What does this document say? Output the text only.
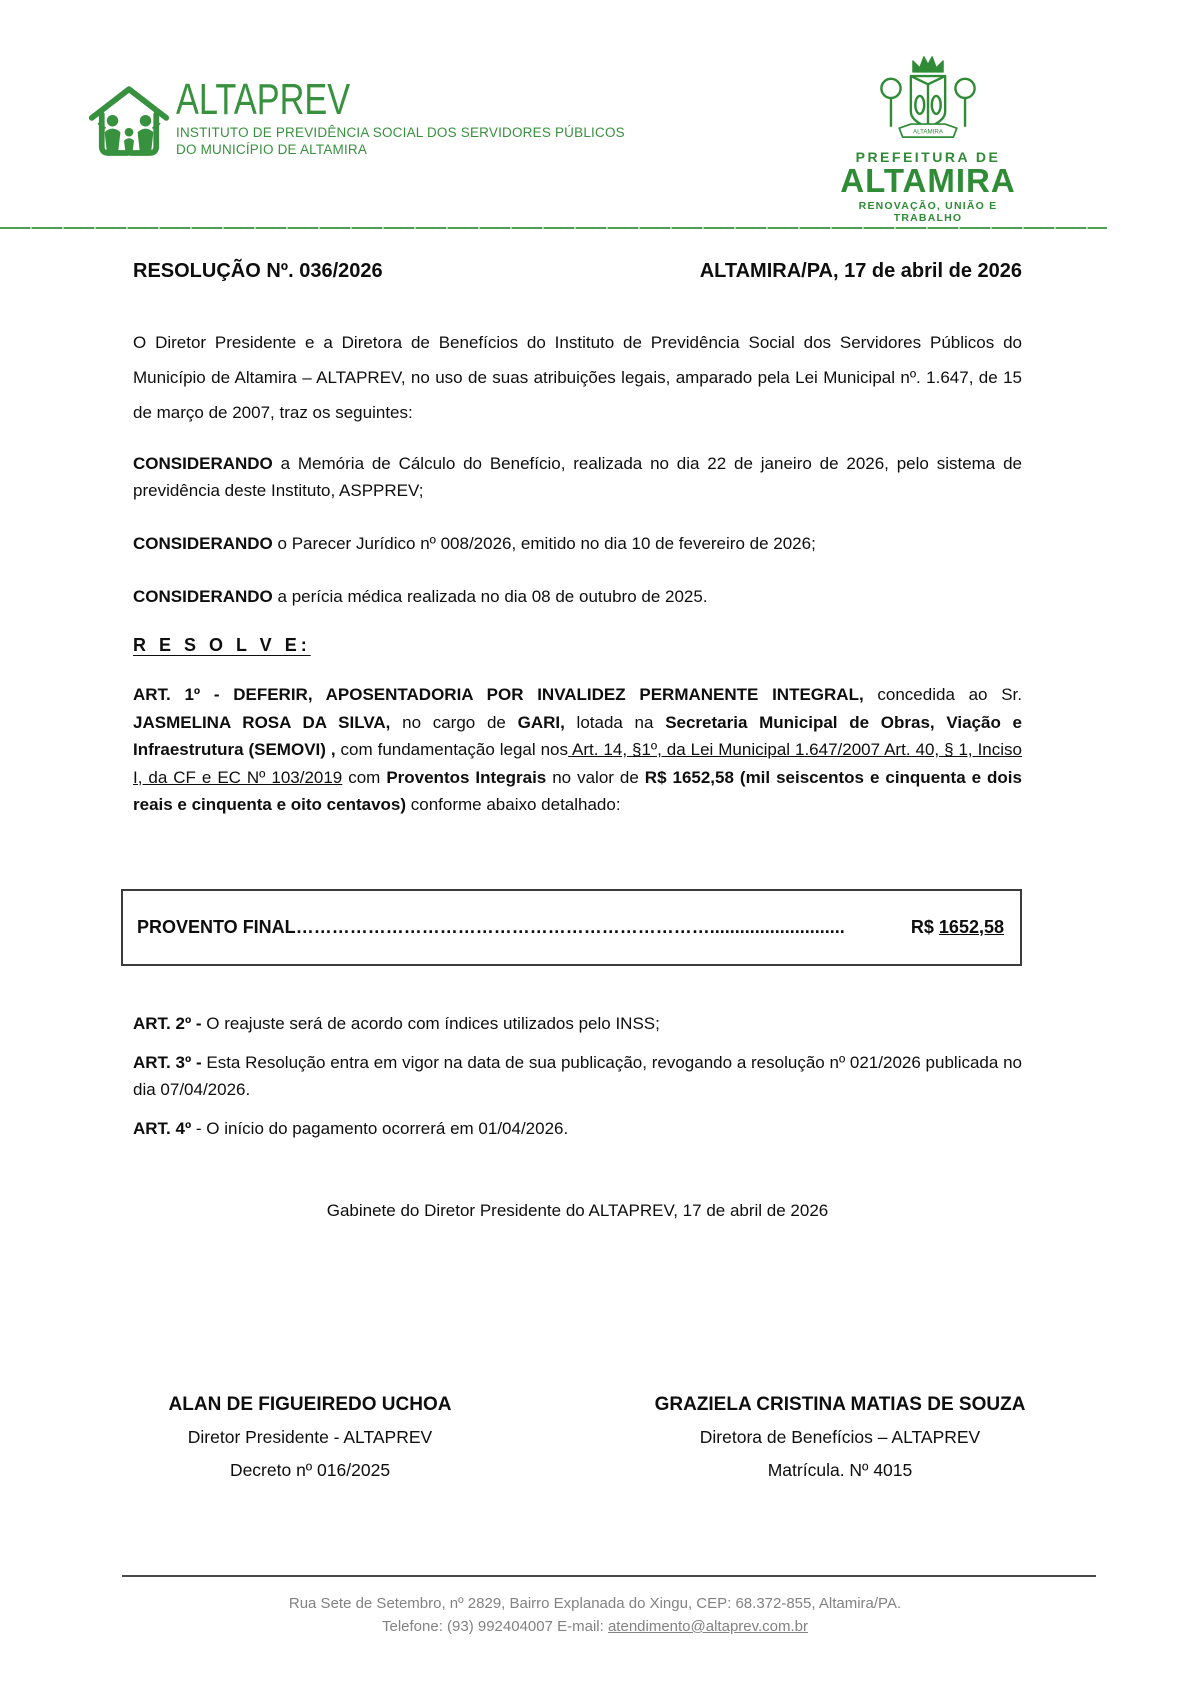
ALTAPREV
INSTITUTO DE PREVIDÊNCIA SOCIAL DOS SERVIDORES PÚBLICOS
DO MUNICÍPIO DE ALTAMIRA
ALTAMIRA
PREFEITURA DE
ALTAMIRA
RENOVAÇÃO, UNIÃO E TRABALHO
RESOLUÇÃO Nº. 036/2026	ALTAMIRA/PA, 17 de abril de 2026

O Diretor Presidente e a Diretora de Benefícios do Instituto de Previdência Social dos Servidores Públicos do Município de Altamira – ALTAPREV, no uso de suas atribuições legais, amparado pela Lei Municipal nº. 1.647, de 15 de março de 2007, traz os seguintes:

CONSIDERANDO a Memória de Cálculo do Benefício, realizada no dia 22 de janeiro de 2026, pelo sistema de previdência deste Instituto, ASPPREV;

CONSIDERANDO o Parecer Jurídico nº 008/2026, emitido no dia 10 de fevereiro de 2026;

CONSIDERANDO a perícia médica realizada no dia 08 de outubro de 2025.

R E S O L V E:

ART. 1º - DEFERIR, APOSENTADORIA POR INVALIDEZ PERMANENTE INTEGRAL, concedida ao Sr. JASMELINA ROSA DA SILVA, no cargo de GARI, lotada na Secretaria Municipal de Obras, Viação e Infraestrutura (SEMOVI) , com fundamentação legal nos Art. 14, §1º, da Lei Municipal 1.647/2007 Art. 40, § 1, Inciso I, da CF e EC Nº 103/2019 com Proventos Integrais no valor de R$ 1652,58 (mil seiscentos e cinquenta e dois reais e cinquenta e oito centavos) conforme abaixo detalhado:

PROVENTO FINAL ……………………………………………………………...........................	R$ 1652,58

ART. 2º - O reajuste será de acordo com índices utilizados pelo INSS;

ART. 3º - Esta Resolução entra em vigor na data de sua publicação, revogando a resolução nº 021/2026 publicada no dia 07/04/2026.

ART. 4º - O início do pagamento ocorrerá em 01/04/2026.

Gabinete do Diretor Presidente do ALTAPREV, 17 de abril de 2026

ALAN DE FIGUEIREDO UCHOA
Diretor Presidente - ALTAPREV
Decreto nº 016/2025
GRAZIELA CRISTINA MATIAS DE SOUZA
Diretora de Benefícios – ALTAPREV
Matrícula. Nº 4015
Rua Sete de Setembro, nº 2829, Bairro Explanada do Xingu, CEP: 68.372-855, Altamira/PA.
Telefone: (93) 992404007 E-mail: atendimento@altaprev.com.br
